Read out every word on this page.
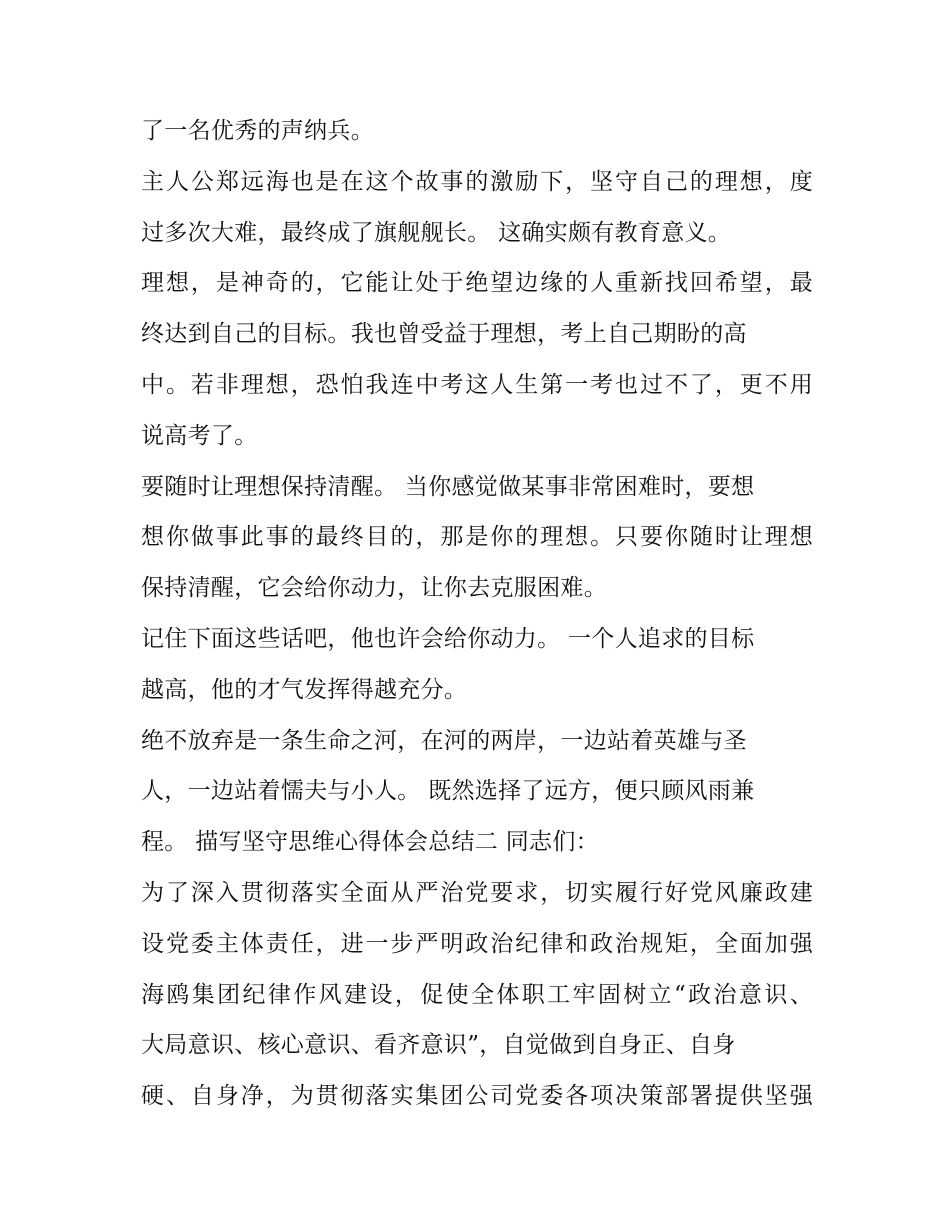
了一名优秀的声纳兵。
主人公郑远海也是在这个故事的激励下，坚守自己的理想，度
过多次大难，最终成了旗舰舰长。 这确实颇有教育意义。
理想，是神奇的，它能让处于绝望边缘的人重新找回希望，最
终达到自己的目标。我也曾受益于理想，考上自己期盼的高
中。若非理想，恐怕我连中考这人生第一考也过不了，更不用
说高考了。
要随时让理想保持清醒。 当你感觉做某事非常困难时，要想
想你做事此事的最终目的，那是你的理想。只要你随时让理想
保持清醒，它会给你动力，让你去克服困难。
记住下面这些话吧，他也许会给你动力。 一个人追求的目标
越高，他的才气发挥得越充分。
绝不放弃是一条生命之河，在河的两岸，一边站着英雄与圣
人，一边站着懦夫与小人。 既然选择了远方，便只顾风雨兼
程。 描写坚守思维心得体会总结二 同志们：
为了深入贯彻落实全面从严治党要求，切实履行好党风廉政建
设党委主体责任，进一步严明政治纪律和政治规矩，全面加强
海鸥集团纪律作风建设，促使全体职工牢固树立“政治意识、
大局意识、核心意识、看齐意识”，自觉做到自身正、自身
硬、自身净，为贯彻落实集团公司党委各项决策部署提供坚强
